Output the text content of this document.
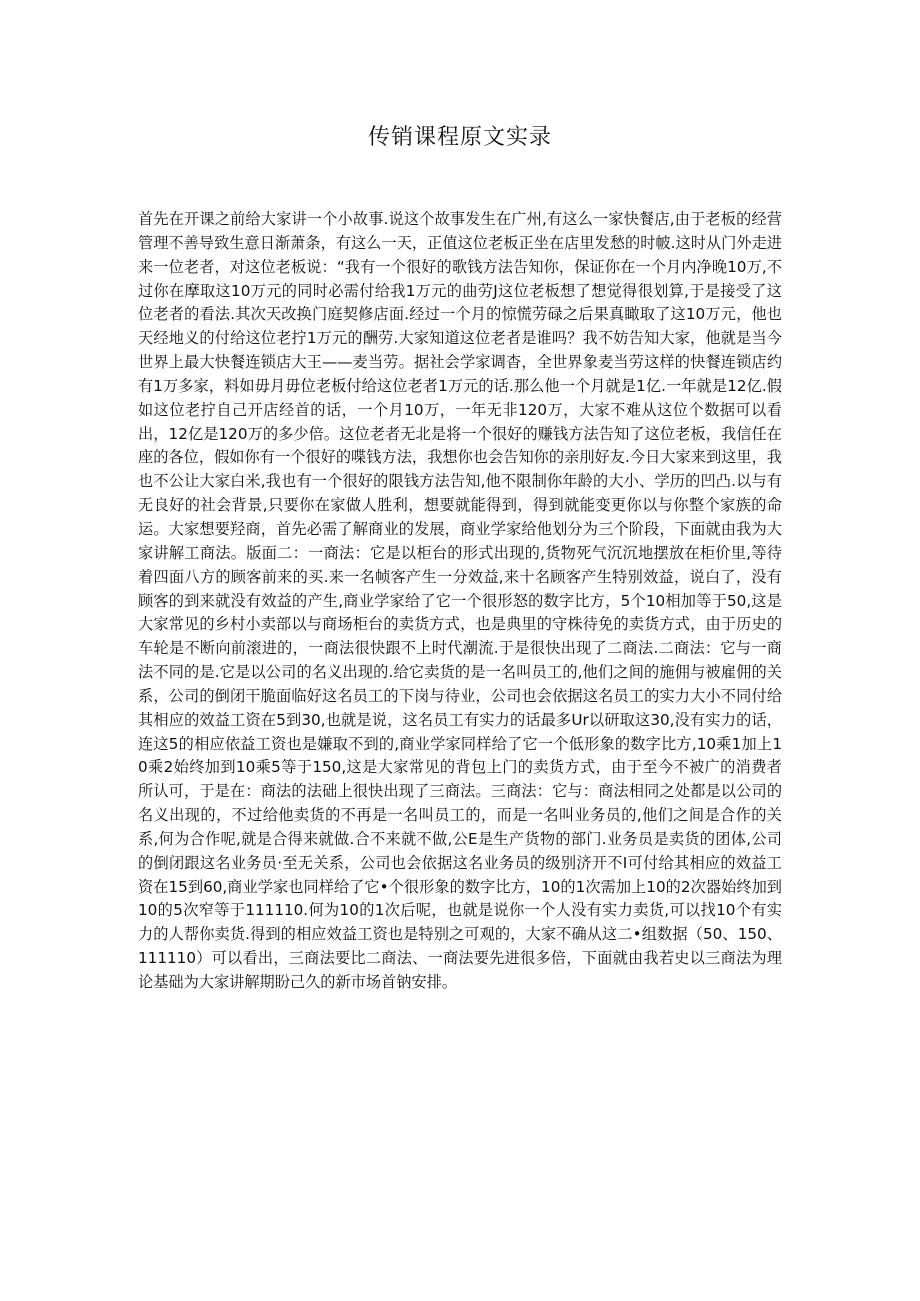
传销课程原文实录

首先在开课之前给大家讲一个小故事.说这个故事发生在广州,有这么一家快餐店,由于老板的经营管理不善导致生意日渐萧条，有这么一天，正值这位老板正坐在店里发愁的时帔.这时从门外走进来一位老者，对这位老板说：“我有一个很好的歌钱方法告知你，保证你在一个月内净晚10万,不过你在摩取这10万元的同时必需付给我1万元的曲劳J这位老板想了想觉得很划算,于是接受了这位老者的看法.其次天改换门庭契修店面.经过一个月的惊慌劳碌之后果真瞰取了这10万元，他也天经地义的付给这位老拧1万元的酬劳.大家知道这位老者是谁吗？我不妨告知大家，他就是当今世界上最大快餐连锁店大王——麦当劳。据社会学家调杳，全世界象麦当劳这样的快餐连锁店约有1万多家，料如毋月毋位老板付给这位老者1万元的话.那么他一个月就是1亿.一年就是12亿.假如这位老拧自己开店经首的话，一个月10万，一年无非120万，大家不难从这位个数据可以看出，12亿是120万的多少倍。这位老者无北是将一个很好的赚钱方法告知了这位老板，我信任在座的各位，假如你有一个很好的喋钱方法，我想你也会告知你的亲刖好友.今日大家来到这里，我也不公让大家白米,我也有一个很好的限钱方法告知,他不限制你年龄的大小、学历的凹凸.以与有无良好的社会背景,只要你在家做人胜利，想要就能得到，得到就能变更你以与你整个家族的命运。大家想要羟商，首先必需了解商业的发展，商业学家给他划分为三个阶段，下面就由我为大家讲解工商法。版面二：一商法：它是以柜台的形式出现的,货物死气沉沉地摆放在柜价里,等待着四面八方的顾客前来的买.来一名帧客产生一分效益,来十名顾客产生特别效益，说白了，没有顾客的到来就没有效益的产生,商业学家给了它一个很形怒的数字比方，5个10相加等于50,这是大家常见的乡村小卖部以与商场柜台的卖货方式，也是典里的守株待免的卖货方式，由于历史的车轮是不断向前滚进的，一商法很快跟不上时代潮流.于是很快出现了二商法.二商法：它与一商法不同的是.它是以公司的名义出现的.给它卖货的是一名叫员工的,他们之间的施佣与被雇佣的关系，公司的倒闭干脆面临好这名员工的下岗与待业，公司也会依据这名员工的实力大小不同付给其相应的效益工资在5到30,也就是说，这名员工有实力的话最多Ur以研取这30,没有实力的话，连这5的相应依益工资也是嫌取不到的,商业学家同样给了它一个低形象的数字比方,10乘1加上10乘2始终加到10乘5等于150,这是大家常见的背包上门的卖货方式，由于至今不被广的消费者所认可，于是在：商法的法础上很快出现了三商法。三商法：它与：商法相同之处都是以公司的名义出现的，不过给他卖货的不再是一名叫员工的，而是一名叫业务员的,他们之间是合作的关系,何为合作呢,就是合得来就做.合不来就不做,公E是生产货物的部门.业务员是卖货的团体,公司的倒闭跟这名业务员·至无关系，公司也会依据这名业务员的级别济开不I可付给其相应的效益工资在15到60,商业学家也同样给了它•个很形象的数字比方，10的1次需加上10的2次器始终加到10的5次窄等于111110.何为10的1次后呢，也就是说你一个人没有实力卖货,可以找10个有实力的人帮你卖货.得到的相应效益工资也是特别之可观的，大家不确从这二•组数据（50、150、111110）可以看出，三商法要比二商法、一商法要先进很多倍，下面就由我若史以三商法为理论基础为大家讲解期盼己久的新市场首钠安排。
